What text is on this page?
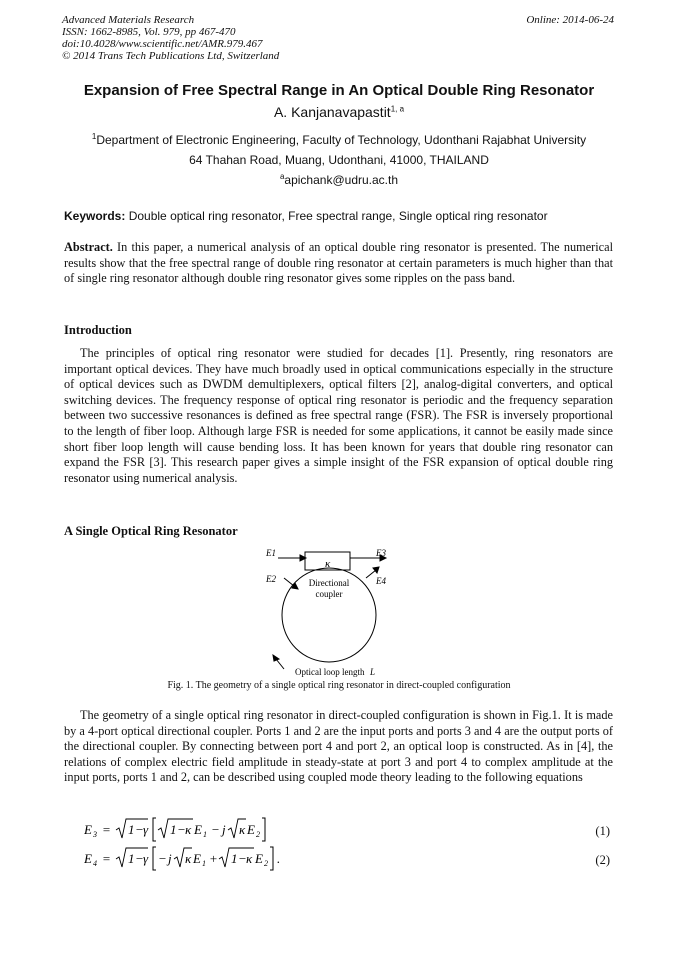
Advanced Materials Research
ISSN: 1662-8985, Vol. 979, pp 467-470
doi:10.4028/www.scientific.net/AMR.979.467
© 2014 Trans Tech Publications Ltd, Switzerland
Online: 2014-06-24
Expansion of Free Spectral Range in An Optical Double Ring Resonator
A. Kanjanavapastit$^{1, a}$
$^1$Department of Electronic Engineering, Faculty of Technology, Udonthani Rajabhat University
64 Thahan Road, Muang, Udonthani, 41000, THAILAND
$^a$apichank@udru.ac.th
Keywords: Double optical ring resonator, Free spectral range, Single optical ring resonator
Abstract. In this paper, a numerical analysis of an optical double ring resonator is presented. The numerical results show that the free spectral range of double ring resonator at certain parameters is much higher than that of single ring resonator although double ring resonator gives some ripples on the pass band.
Introduction
The principles of optical ring resonator were studied for decades [1]. Presently, ring resonators are important optical devices. They have much broadly used in optical communications especially in the structure of optical devices such as DWDM demultiplexers, optical filters [2], analog-digital converters, and optical switching devices. The frequency response of optical ring resonator is periodic and the frequency separation between two successive resonances is defined as free spectral range (FSR). The FSR is inversely proportional to the length of fiber loop. Although large FSR is needed for some applications, it cannot be easily made since short fiber loop length will cause bending loss. It has been known for years that double ring resonator can expand the FSR [3]. This research paper gives a simple insight of the FSR expansion of optical double ring resonator using numerical analysis.
A Single Optical Ring Resonator
E1
E2
E3
E4
κ
Directional
coupler
Optical loop length L
Fig. 1. The geometry of a single optical ring resonator in direct-coupled configuration
The geometry of a single optical ring resonator in direct-coupled configuration is shown in Fig.1. It is made by a 4-port optical directional coupler. Ports 1 and 2 are the input ports and ports 3 and 4 are the output ports of the directional coupler. By connecting between port 4 and port 2, an optical loop is constructed. As in [4], the relations of complex electric field amplitude in steady-state at port 3 and port 4 to complex amplitude at the input ports, ports 1 and 2, can be described using coupled mode theory leading to the following equations
E 3 = 1 − γ 1 − κ E 1 − j κ E 2	(1)
E 4 = 1 − γ − j κ E 1 + 1 − κ E 2 .	(2)
